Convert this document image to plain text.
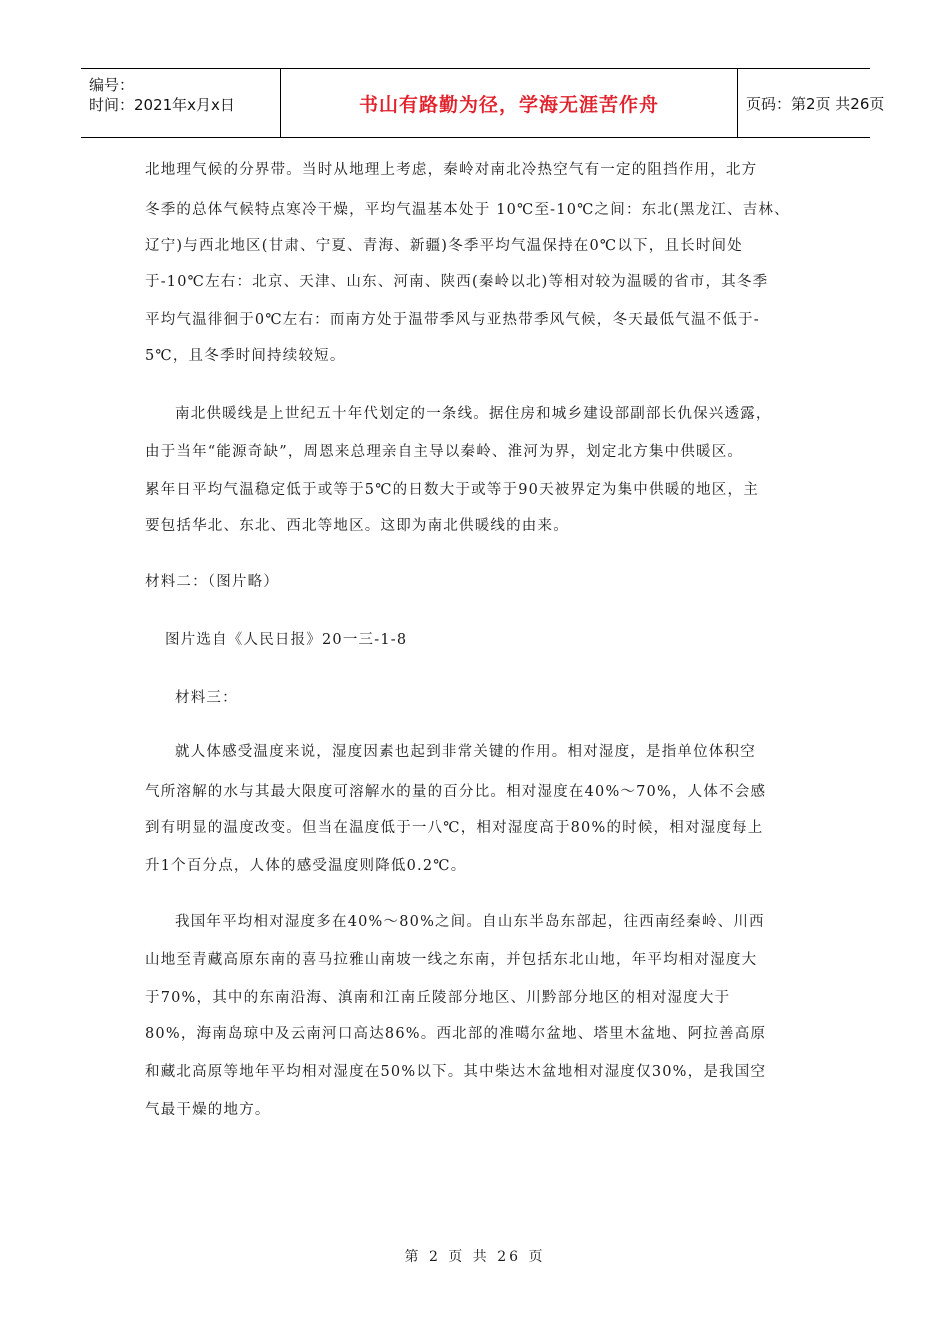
编号：
时间：2021年x月x日	书山有路勤为径，学海无涯苦作舟	页码：第2页 共26页
北地理气候的分界带。当时从地理上考虑，秦岭对南北冷热空气有一定的阻挡作用，北方
冬季的总体气候特点寒冷干燥，平均气温基本处于 10℃至-10℃之间：东北(黑龙江、吉林、
辽宁)与西北地区(甘肃、宁夏、青海、新疆)冬季平均气温保持在0℃以下，且长时间处
于-10℃左右：北京、天津、山东、河南、陕西(秦岭以北)等相对较为温暖的省市，其冬季
平均气温徘徊于0℃左右：而南方处于温带季风与亚热带季风气候，冬天最低气温不低于-
5℃，且冬季时间持续较短。
南北供暖线是上世纪五十年代划定的一条线。据住房和城乡建设部副部长仇保兴透露，
由于当年“能源奇缺”，周恩来总理亲自主导以秦岭、淮河为界，划定北方集中供暖区。
累年日平均气温稳定低于或等于5℃的日数大于或等于90天被界定为集中供暖的地区，主
要包括华北、东北、西北等地区。这即为南北供暖线的由来。
材料二：（图片略）
图片选自《人民日报》20一三-1-8
材料三：
就人体感受温度来说，湿度因素也起到非常关键的作用。相对湿度，是指单位体积空
气所溶解的水与其最大限度可溶解水的量的百分比。相对湿度在40%～70%，人体不会感
到有明显的温度改变。但当在温度低于一八℃，相对湿度高于80%的时候，相对湿度每上
升1个百分点，人体的感受温度则降低0.2℃。
我国年平均相对湿度多在40%～80%之间。自山东半岛东部起，往西南经秦岭、川西
山地至青藏高原东南的喜马拉雅山南坡一线之东南，并包括东北山地，年平均相对湿度大
于70%，其中的东南沿海、滇南和江南丘陵部分地区、川黔部分地区的相对湿度大于
80%，海南岛琼中及云南河口高达86%。西北部的准噶尔盆地、塔里木盆地、阿拉善高原
和藏北高原等地年平均相对湿度在50%以下。其中柴达木盆地相对湿度仅30%，是我国空
气最干燥的地方。
第 2 页 共 26 页
